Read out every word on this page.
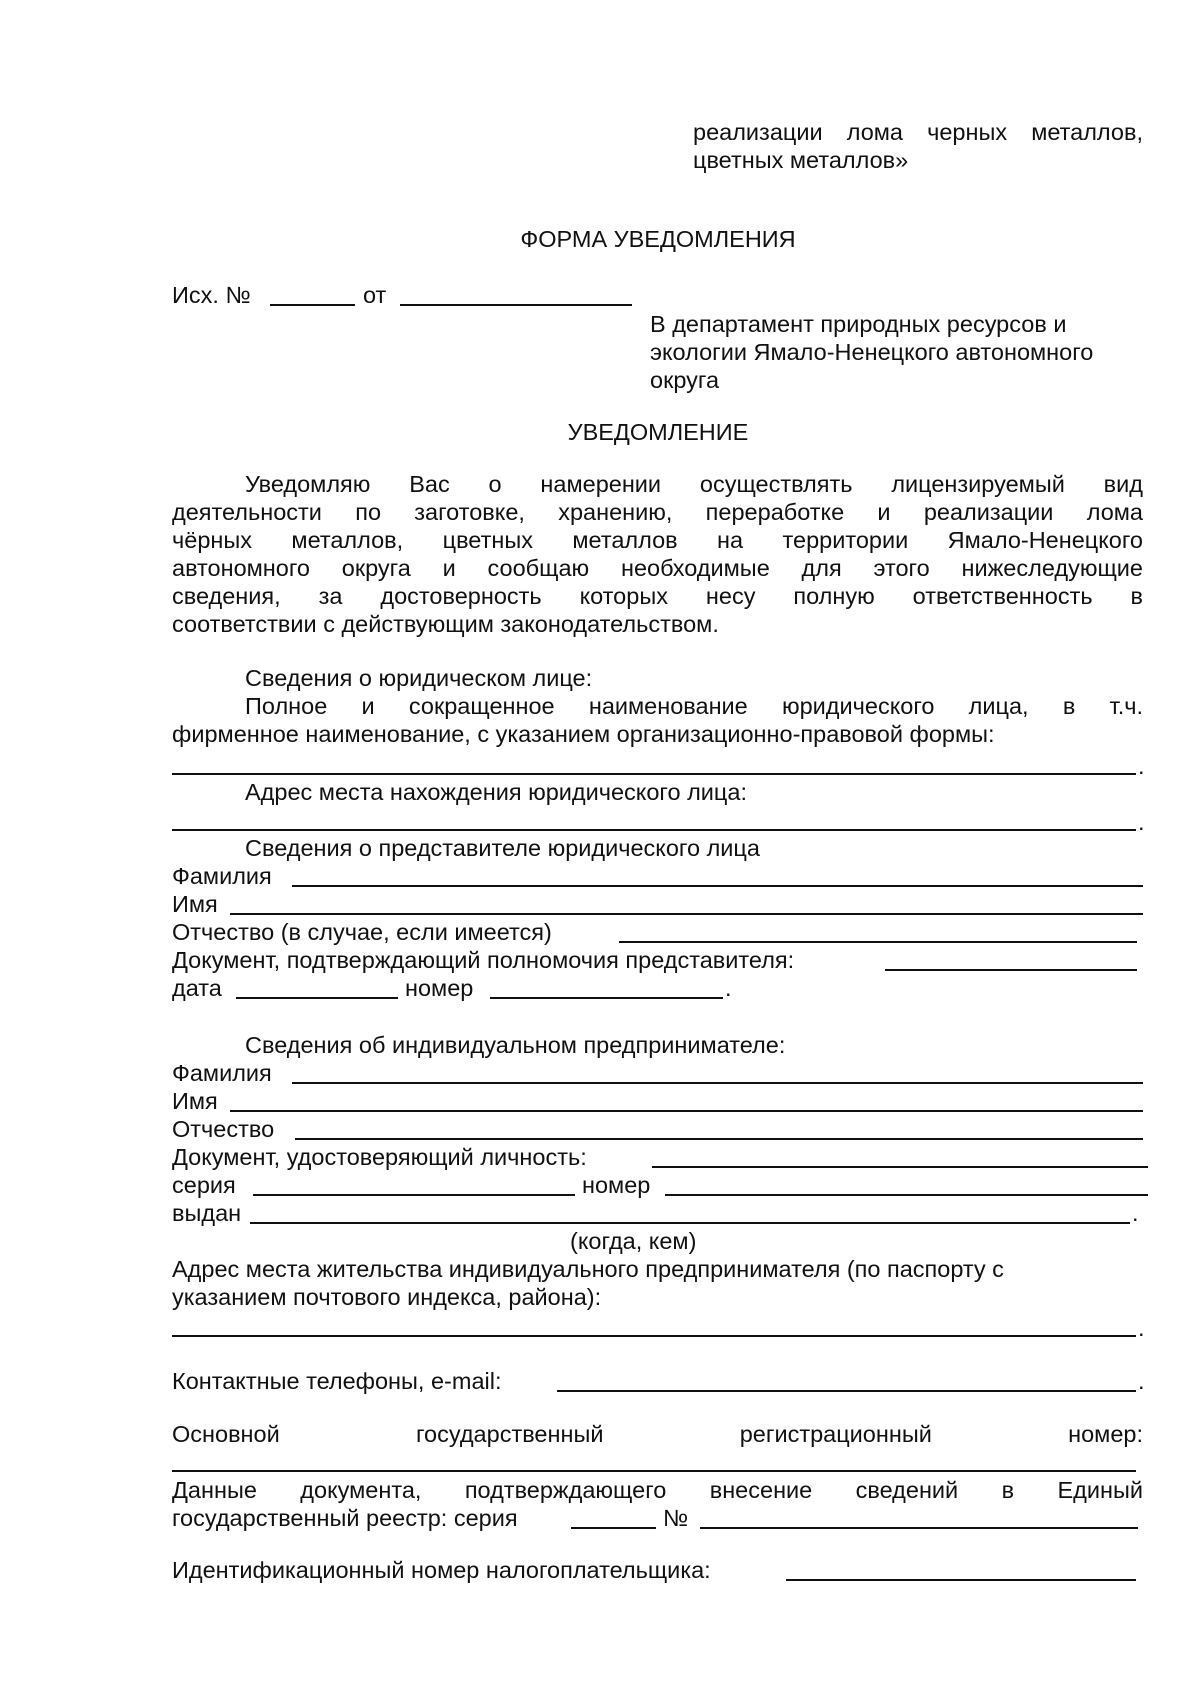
реализации лома черных металлов,
цветных металлов»
ФОРМА УВЕДОМЛЕНИЯ
Исх. №	от
В департамент природных ресурсов и
экологии Ямало-Ненецкого автономного
округа
УВЕДОМЛЕНИЕ
Уведомляю Вас о намерении осуществлять лицензируемый вид
деятельности по заготовке, хранению, переработке и реализации лома
чёрных металлов, цветных металлов на территории Ямало-Ненецкого
автономного округа и сообщаю необходимые для этого нижеследующие
сведения, за достоверность которых несу полную ответственность в
соответствии с действующим законодательством.
Сведения о юридическом лице:
Полное и сокращенное наименование юридического лица, в т.ч.
фирменное наименование, с указанием организационно-правовой формы:
.
Адрес места нахождения юридического лица:
.
Сведения о представителе юридического лица
Фамилия
Имя
Отчество (в случае, если имеется)
Документ, подтверждающий полномочия представителя:
дата	номер	.
Сведения об индивидуальном предпринимателе:
Фамилия
Имя
Отчество
Документ, удостоверяющий личность:
серия	номер
выдан	.
(когда, кем)
Адрес места жительства индивидуального предпринимателя (по паспорту с
указанием почтового индекса, района):
.
Контактные телефоны, e-mail:	.
Основной	государственный	регистрационный	номер:
Данные документа, подтверждающего внесение сведений в Единый
государственный реестр: серия	№
Идентификационный номер налогоплательщика:
